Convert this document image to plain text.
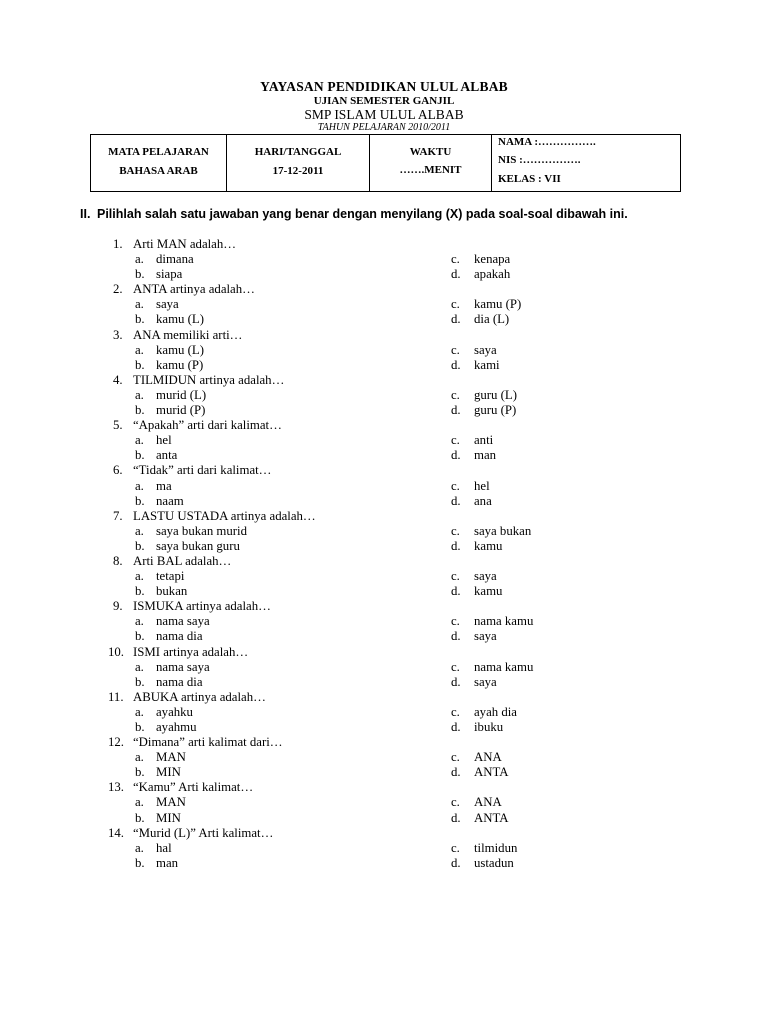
YAYASAN PENDIDIKAN ULUL ALBAB
UJIAN SEMESTER GANJIL
SMP ISLAM ULUL ALBAB
TAHUN PELAJARAN 2010/2011
MATA PELAJARAN
BAHASA ARAB

HARI/TANGGAL
17-12-2011

WAKTU
…….MENIT

NAMA :…………….
NIS :…………….
KELAS : VII
II. Pilihlah salah satu jawaban yang benar dengan menyilang (X) pada soal-soal dibawah ini.
1. Arti MAN adalah…
a. dimana	c. kenapa
b. siapa	d. apakah
2. ANTA artinya adalah…
a. saya	c. kamu (P)
b. kamu (L)	d. dia (L)
3. ANA memiliki arti…
a. kamu (L)	c. saya
b. kamu (P)	d. kami
4. TILMIDUN artinya adalah…
a. murid (L)	c. guru (L)
b. murid (P)	d. guru (P)
5. “Apakah” arti dari kalimat…
a. hel	c. anti
b. anta	d. man
6. “Tidak” arti dari kalimat…
a. ma	c. hel
b. naam	d. ana
7. LASTU USTADA artinya adalah…
a. saya bukan murid	c. saya bukan
b. saya bukan guru	d. kamu
8. Arti BAL adalah…
a. tetapi	c. saya
b. bukan	d. kamu
9. ISMUKA artinya adalah…
a. nama saya	c. nama kamu
b. nama dia	d. saya
10. ISMI artinya adalah…
a. nama saya	c. nama kamu
b. nama dia	d. saya
11. ABUKA artinya adalah…
a. ayahku	c. ayah dia
b. ayahmu	d. ibuku
12. “Dimana” arti kalimat dari…
a. MAN	c. ANA
b. MIN	d. ANTA
13. “Kamu” Arti kalimat…
a. MAN	c. ANA
b. MIN	d. ANTA
14. “Murid (L)” Arti kalimat…
a. hal	c. tilmidun
b. man	d. ustadun
